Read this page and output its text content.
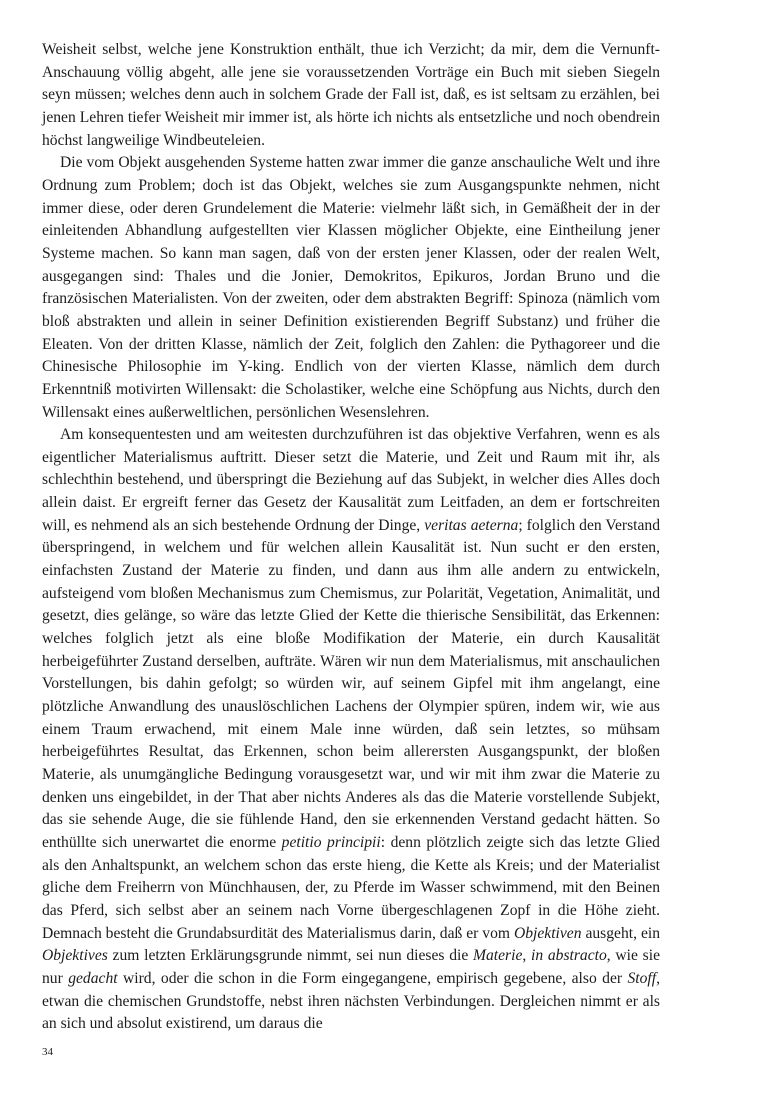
Weisheit selbst, welche jene Konstruktion enthält, thue ich Verzicht; da mir, dem die Vernunft-Anschauung völlig abgeht, alle jene sie voraussetzenden Vorträge ein Buch mit sieben Siegeln seyn müssen; welches denn auch in solchem Grade der Fall ist, daß, es ist seltsam zu erzählen, bei jenen Lehren tiefer Weisheit mir immer ist, als hörte ich nichts als entsetzliche und noch obendrein höchst langweilige Windbeuteleien.

Die vom Objekt ausgehenden Systeme hatten zwar immer die ganze anschauliche Welt und ihre Ordnung zum Problem; doch ist das Objekt, welches sie zum Ausgangspunkte nehmen, nicht immer diese, oder deren Grundelement die Materie: vielmehr läßt sich, in Gemäßheit der in der einleitenden Abhandlung aufgestellten vier Klassen möglicher Objekte, eine Eintheilung jener Systeme machen. So kann man sagen, daß von der ersten jener Klassen, oder der realen Welt, ausgegangen sind: Thales und die Jonier, Demokritos, Epikuros, Jordan Bruno und die französischen Materialisten. Von der zweiten, oder dem abstrakten Begriff: Spinoza (nämlich vom bloß abstrakten und allein in seiner Definition existierenden Begriff Substanz) und früher die Eleaten. Von der dritten Klasse, nämlich der Zeit, folglich den Zahlen: die Pythagoreer und die Chinesische Philosophie im Y-king. Endlich von der vierten Klasse, nämlich dem durch Erkenntniß motivirten Willensakt: die Scholastiker, welche eine Schöpfung aus Nichts, durch den Willensakt eines außerweltlichen, persönlichen Wesenslehren.

Am konsequentesten und am weitesten durchzuführen ist das objektive Verfahren, wenn es als eigentlicher Materialismus auftritt. Dieser setzt die Materie, und Zeit und Raum mit ihr, als schlechthin bestehend, und überspringt die Beziehung auf das Subjekt, in welcher dies Alles doch allein daist. Er ergreift ferner das Gesetz der Kausalität zum Leitfaden, an dem er fortschreiten will, es nehmend als an sich bestehende Ordnung der Dinge, veritas aeterna; folglich den Verstand überspringend, in welchem und für welchen allein Kausalität ist. Nun sucht er den ersten, einfachsten Zustand der Materie zu finden, und dann aus ihm alle andern zu entwickeln, aufsteigend vom bloßen Mechanismus zum Chemismus, zur Polarität, Vegetation, Animalität, und gesetzt, dies gelänge, so wäre das letzte Glied der Kette die thierische Sensibilität, das Erkennen: welches folglich jetzt als eine bloße Modifikation der Materie, ein durch Kausalität herbeigeführter Zustand derselben, aufträte. Wären wir nun dem Materialismus, mit anschaulichen Vorstellungen, bis dahin gefolgt; so würden wir, auf seinem Gipfel mit ihm angelangt, eine plötzliche Anwandlung des unauslöschlichen Lachens der Olympier spüren, indem wir, wie aus einem Traum erwachend, mit einem Male inne würden, daß sein letztes, so mühsam herbeigeführtes Resultat, das Erkennen, schon beim allerersten Ausgangspunkt, der bloßen Materie, als unumgängliche Bedingung vorausgesetzt war, und wir mit ihm zwar die Materie zu denken uns eingebildet, in der That aber nichts Anderes als das die Materie vorstellende Subjekt, das sie sehende Auge, die sie fühlende Hand, den sie erkennenden Verstand gedacht hätten. So enthüllte sich unerwartet die enorme petitio principii: denn plötzlich zeigte sich das letzte Glied als den Anhaltspunkt, an welchem schon das erste hieng, die Kette als Kreis; und der Materialist gliche dem Freiherrn von Münchhausen, der, zu Pferde im Wasser schwimmend, mit den Beinen das Pferd, sich selbst aber an seinem nach Vorne übergeschlagenen Zopf in die Höhe zieht. Demnach besteht die Grundabsurdität des Materialismus darin, daß er vom Objektiven ausgeht, ein Objektives zum letzten Erklärungsgrunde nimmt, sei nun dieses die Materie, in abstracto, wie sie nur gedacht wird, oder die schon in die Form eingegangene, empirisch gegebene, also der Stoff, etwan die chemischen Grundstoffe, nebst ihren nächsten Verbindungen. Dergleichen nimmt er als an sich und absolut existirend, um daraus die

34
